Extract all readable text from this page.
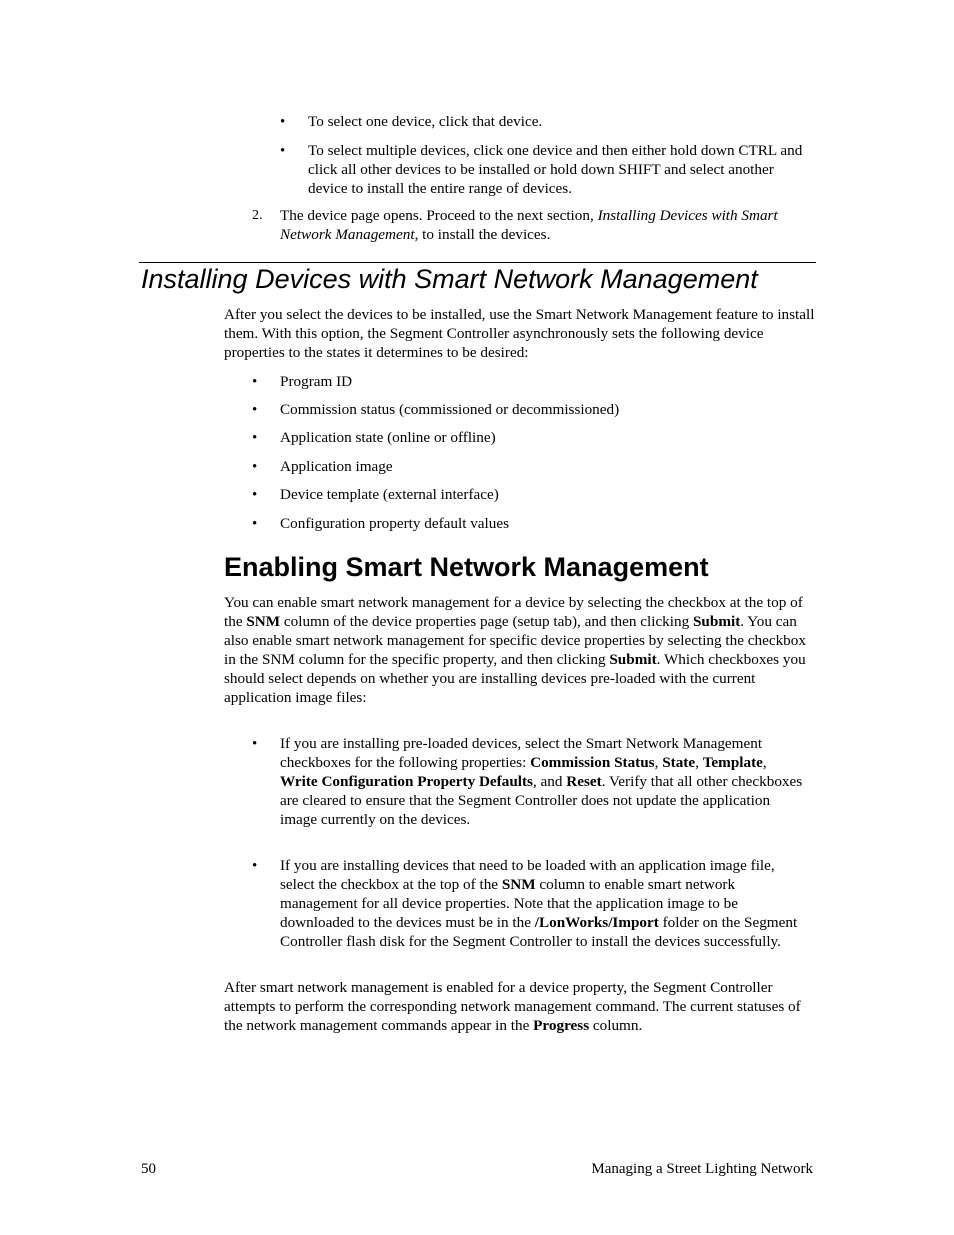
• To select one device, click that device.

• To select multiple devices, click one device and then either hold down CTRL and click all other devices to be installed or hold down SHIFT and select another device to install the entire range of devices.

2. The device page opens. Proceed to the next section, Installing Devices with Smart Network Management, to install the devices.

Installing Devices with Smart Network Management

After you select the devices to be installed, use the Smart Network Management feature to install them. With this option, the Segment Controller asynchronously sets the following device properties to the states it determines to be desired:

• Program ID

• Commission status (commissioned or decommissioned)

• Application state (online or offline)

• Application image

• Device template (external interface)

• Configuration property default values

Enabling Smart Network Management

You can enable smart network management for a device by selecting the checkbox at the top of the SNM column of the device properties page (setup tab), and then clicking Submit. You can also enable smart network management for specific device properties by selecting the checkbox in the SNM column for the specific property, and then clicking Submit. Which checkboxes you should select depends on whether you are installing devices pre-loaded with the current application image files:

• If you are installing pre-loaded devices, select the Smart Network Management checkboxes for the following properties: Commission Status, State, Template, Write Configuration Property Defaults, and Reset. Verify that all other checkboxes are cleared to ensure that the Segment Controller does not update the application image currently on the devices.

• If you are installing devices that need to be loaded with an application image file, select the checkbox at the top of the SNM column to enable smart network management for all device properties. Note that the application image to be downloaded to the devices must be in the /LonWorks/Import folder on the Segment Controller flash disk for the Segment Controller to install the devices successfully.

After smart network management is enabled for a device property, the Segment Controller attempts to perform the corresponding network management command. The current statuses of the network management commands appear in the Progress column.

50	Managing a Street Lighting Network
